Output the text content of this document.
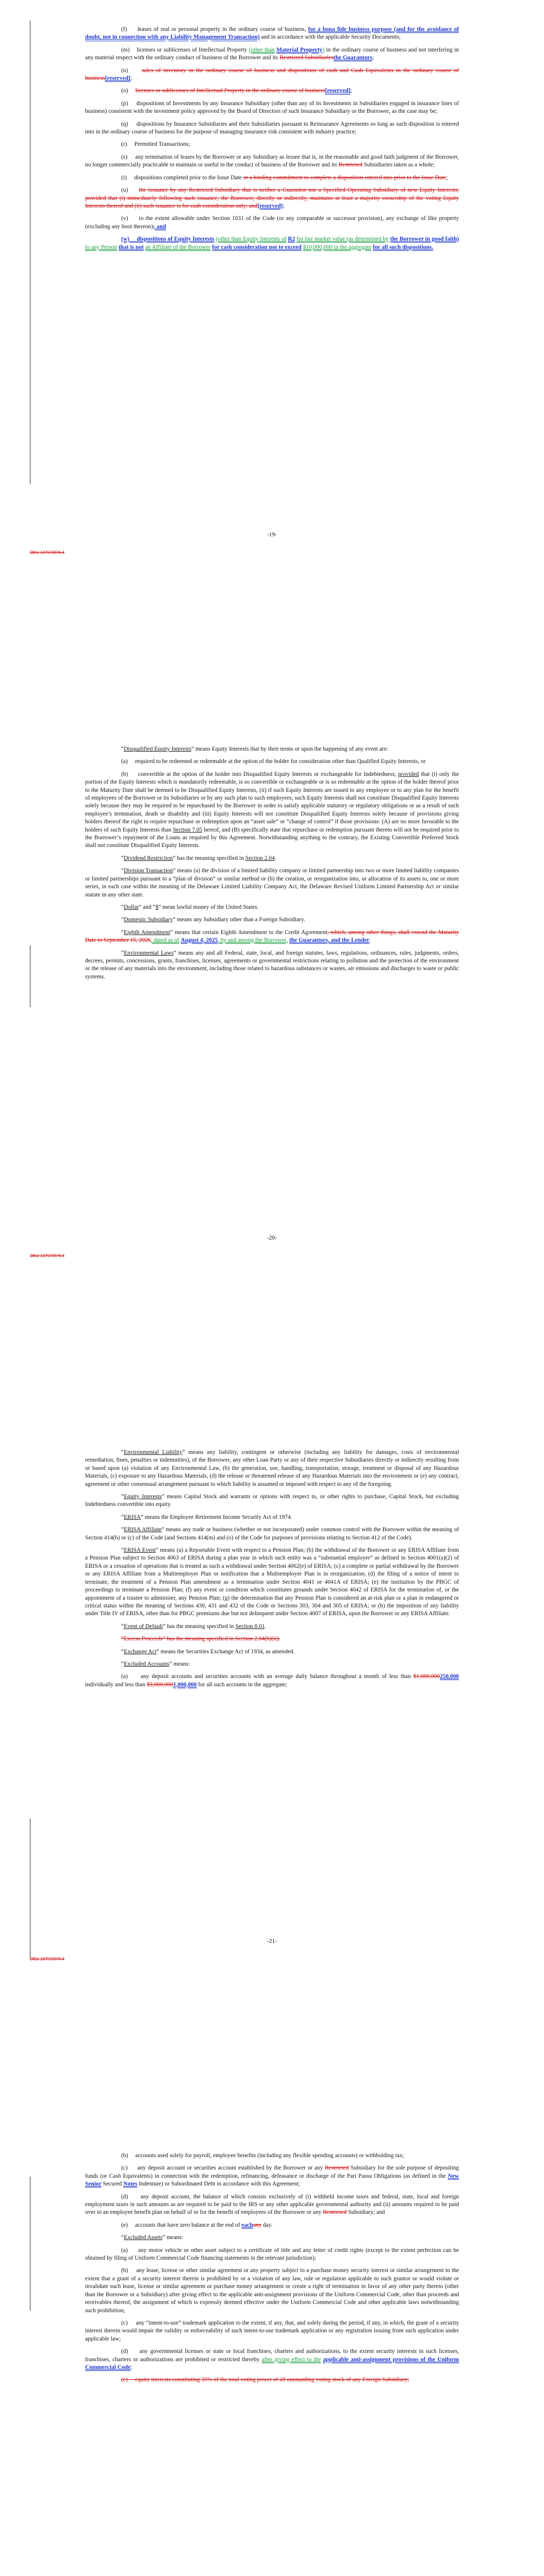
(f)     leases of real or personal property in the ordinary course of business, for a bona fide business purpose (and for the avoidance of doubt, not in connection with any Liability Management Transaction) and in accordance with the applicable Security Documents;

(m)    licenses or sublicenses of Intellectual Property (other than Material Property) in the ordinary course of business and not interfering in any material respect with the ordinary conduct of business of the Borrower and its Restricted Subsidiariesthe Guarantors;

(n)     sales of inventory in the ordinary course of business and dispositions of cash and Cash Equivalents in the ordinary course of business[reserved];

(o)     licenses or sublicenses of Intellectual Property in the ordinary course of business[reserved];

(p)     dispositions of Investments by any Insurance Subsidiary (other than any of its Investments in Subsidiaries engaged in insurance lines of business) consistent with the investment policy approved by the Board of Directors of such Insurance Subsidiary or the Borrower, as the case may be;

(q)     dispositions by Insurance Subsidiaries and their Subsidiaries pursuant to Reinsurance Agreements so long as such disposition is entered into in the ordinary course of business for the purpose of managing insurance risk consistent with industry practice;

(r)     Permitted Transactions;

(s)     any termination of leases by the Borrower or any Subsidiary as lessee that is, in the reasonable and good faith judgment of the Borrower, no longer commercially practicable to maintain or useful in the conduct of business of the Borrower and its Restricted Subsidiaries taken as a whole;

(t)     dispositions completed prior to the Issue Date or a binding commitment to complete a disposition entered into prior to the Issue Date;

(u)     the issuance by any Restricted Subsidiary that is neither a Guarantor nor a Specified Operating Subsidiary of new Equity Interests; provided that (i) immediately following such issuance, the Borrower, directly or indirectly, maintains at least a majority ownership of the voting Equity Interests thereof and (ii) such issuance is for cash consideration only; and[reserved];

(v)     to the extent allowable under Section 1031 of the Code (or any comparable or successor provision), any exchange of like property (excluding any boot thereon); and

(w)     dispositions of Equity Interests (other than Equity Interests of R2 for fair market value (as determined by the Borrower in good faith) to any Person that is not an Affiliate of the Borrower for cash consideration not to exceed $10,000,000 in the aggregate for all such dispositions.

-19-
DB1/ 137570976.4

“Disqualified Equity Interests” means Equity Interests that by their terms or upon the happening of any event are:

(a)     required to be redeemed or redeemable at the option of the holder for consideration other than Qualified Equity Interests, or

(b)     convertible at the option of the holder into Disqualified Equity Interests or exchangeable for Indebtedness; provided that (i) only the portion of the Equity Interests which is mandatorily redeemable, is so convertible or exchangeable or is so redeemable at the option of the holder thereof prior to the Maturity Date shall be deemed to be Disqualified Equity Interests, (ii) if such Equity Interests are issued to any employee or to any plan for the benefit of employees of the Borrower or its Subsidiaries or by any such plan to such employees, such Equity Interests shall not constitute Disqualified Equity Interests solely because they may be required to be repurchased by the Borrower in order to satisfy applicable statutory or regulatory obligations or as a result of such employee’s termination, death or disability and (iii) Equity Interests will not constitute Disqualified Equity Interests solely because of provisions giving holders thereof the right to require repurchase or redemption upon an “asset sale” or “change of control” if those provisions: (A) are no more favorable to the holders of such Equity Interests than Section 7.05 hereof, and (B) specifically state that repurchase or redemption pursuant thereto will not be required prior to the Borrower’s repayment of the Loans as required by this Agreement. Notwithstanding anything to the contrary, the Existing Convertible Preferred Stock shall not constitute Disqualified Equity Interests.

“Dividend Restriction” has the meaning specified in Section 2.04.

“Division Transaction” means (a) the division of a limited liability company or limited partnership into two or more limited liability companies or limited partnerships pursuant to a “plan of division” or similar method or (b) the creation, or reorganization into, or allocation of its assets to, one or more series, in each case within the meaning of the Delaware Limited Liability Company Act, the Delaware Revised Uniform Limited Partnership Act or similar statute in any other state.

“Dollar” and “$” mean lawful money of the United States.

“Domestic Subsidiary” means any Subsidiary other than a Foreign Subsidiary.

“Eighth Amendment” means that certain Eighth Amendment to the Credit Agreement, which, among other things, shall extend the Maturity Date to September 15, 2026, dated as of August 4, 2025, by and among the Borrower, the Guarantors, and the Lender.

“Environmental Laws” means any and all Federal, state, local, and foreign statutes, laws, regulations, ordinances, rules, judgments, orders, decrees, permits, concessions, grants, franchises, licenses, agreements or governmental restrictions relating to pollution and the protection of the environment or the release of any materials into the environment, including those related to hazardous substances or wastes, air emissions and discharges to waste or public systems.

-20-
DB1/ 137570976.4

“Environmental Liability” means any liability, contingent or otherwise (including any liability for damages, costs of environmental remediation, fines, penalties or indemnities), of the Borrower, any other Loan Party or any of their respective Subsidiaries directly or indirectly resulting from or based upon (a) violation of any Environmental Law, (b) the generation, use, handling, transportation, storage, treatment or disposal of any Hazardous Materials, (c) exposure to any Hazardous Materials, (d) the release or threatened release of any Hazardous Materials into the environment or (e) any contract, agreement or other consensual arrangement pursuant to which liability is assumed or imposed with respect to any of the foregoing.

“Equity Interests” means Capital Stock and warrants or options with respect to, or other rights to purchase, Capital Stock, but excluding Indebtedness convertible into equity.

“ERISA” means the Employee Retirement Income Security Act of 1974.

“ERISA Affiliate” means any trade or business (whether or not incorporated) under common control with the Borrower within the meaning of Section 414(b) or (c) of the Code (and Sections 414(m) and (o) of the Code for purposes of provisions relating to Section 412 of the Code).

“ERISA Event” means (a) a Reportable Event with respect to a Pension Plan; (b) the withdrawal of the Borrower or any ERISA Affiliate from a Pension Plan subject to Section 4063 of ERISA during a plan year in which such entity was a “substantial employer” as defined in Section 4001(a)(2) of ERISA or a cessation of operations that is treated as such a withdrawal under Section 4062(e) of ERISA; (c) a complete or partial withdrawal by the Borrower or any ERISA Affiliate from a Multiemployer Plan or notification that a Multiemployer Plan is in reorganization; (d) the filing of a notice of intent to terminate, the treatment of a Pension Plan amendment as a termination under Section 4041 or 4041A of ERISA; (e) the institution by the PBGC of proceedings to terminate a Pension Plan; (f) any event or condition which constitutes grounds under Section 4042 of ERISA for the termination of, or the appointment of a trustee to administer, any Pension Plan; (g) the determination that any Pension Plan is considered an at-risk plan or a plan in endangered or critical status within the meaning of Sections 430, 431 and 432 of the Code or Sections 303, 304 and 305 of ERISA; or (h) the imposition of any liability under Title IV of ERISA, other than for PBGC premiums due but not delinquent under Section 4007 of ERISA, upon the Borrower or any ERISA Affiliate.

“Event of Default” has the meaning specified in Section 8.01.

“Excess Proceeds” has the meaning specified in Section 2.04(b)(ii).

“Exchange Act” means the Securities Exchange Act of 1934, as amended.

“Excluded Accounts” means:

(a)     any deposit accounts and securities accounts with an average daily balance throughout a month of less than $1,000,000250,000 individually and less than $3,000,0001,000,000 for all such accounts in the aggregate;

-21-
DB1/ 137570976.4

(b)     accounts used solely for payroll, employee benefits (including any flexible spending accounts) or withholding tax;

(c)     any deposit account or securities account established by the Borrower or any Restricted Subsidiary for the sole purpose of depositing funds (or Cash Equivalents) in connection with the redemption, refinancing, defeasance or discharge of the Pari Passu Obligations (as defined in the New Senior Secured Notes Indenture) or Subordinated Debt in accordance with this Agreement;

(d)     any deposit account, the balance of which consists exclusively of (i) withheld income taxes and federal, state, local and foreign employment taxes in such amounts as are required to be paid to the IRS or any other applicable governmental authority and (ii) amounts required to be paid over to an employee benefit plan on behalf of or for the benefit of employees of the Borrower or any Restricted Subsidiary; and

(e)     accounts that have zero balance at the end of eachany day.

“Excluded Assets” means:

(a)     any motor vehicle or other asset subject to a certificate of title and any letter of credit rights (except to the extent perfection can be obtained by filing of Uniform Commercial Code financing statements in the relevant jurisdiction);

(b)     any lease, license or other similar agreement or any property subject to a purchase money security interest or similar arrangement to the extent that a grant of a security interest therein is prohibited by or a violation of any law, rule or regulation applicable to such grantor or would violate or invalidate such lease, license or similar agreement or purchase money arrangement or create a right of termination in favor of any other party thereto (other than the Borrower or a Subsidiary) after giving effect to the applicable anti-assignment provisions of the Uniform Commercial Code, other than proceeds and receivables thereof, the assignment of which is expressly deemed effective under the Uniform Commercial Code and other applicable laws notwithstanding such prohibition;

(c)     any “intent-to-use” trademark application to the extent, if any, that, and solely during the period, if any, in which, the grant of a security interest therein would impair the validity or enforceability of such intent-to-use trademark application or any registration issuing from such application under applicable law;

(d)     any governmental licenses or state or local franchises, charters and authorizations, to the extent security interests in such licenses, franchises, charters or authorizations are prohibited or restricted thereby after giving effect to the applicable anti-assignment provisions of the Uniform Commercial Code;

(e)     equity interests constituting 35% of the total voting power of all outstanding voting stock of any Foreign Subsidiary;
